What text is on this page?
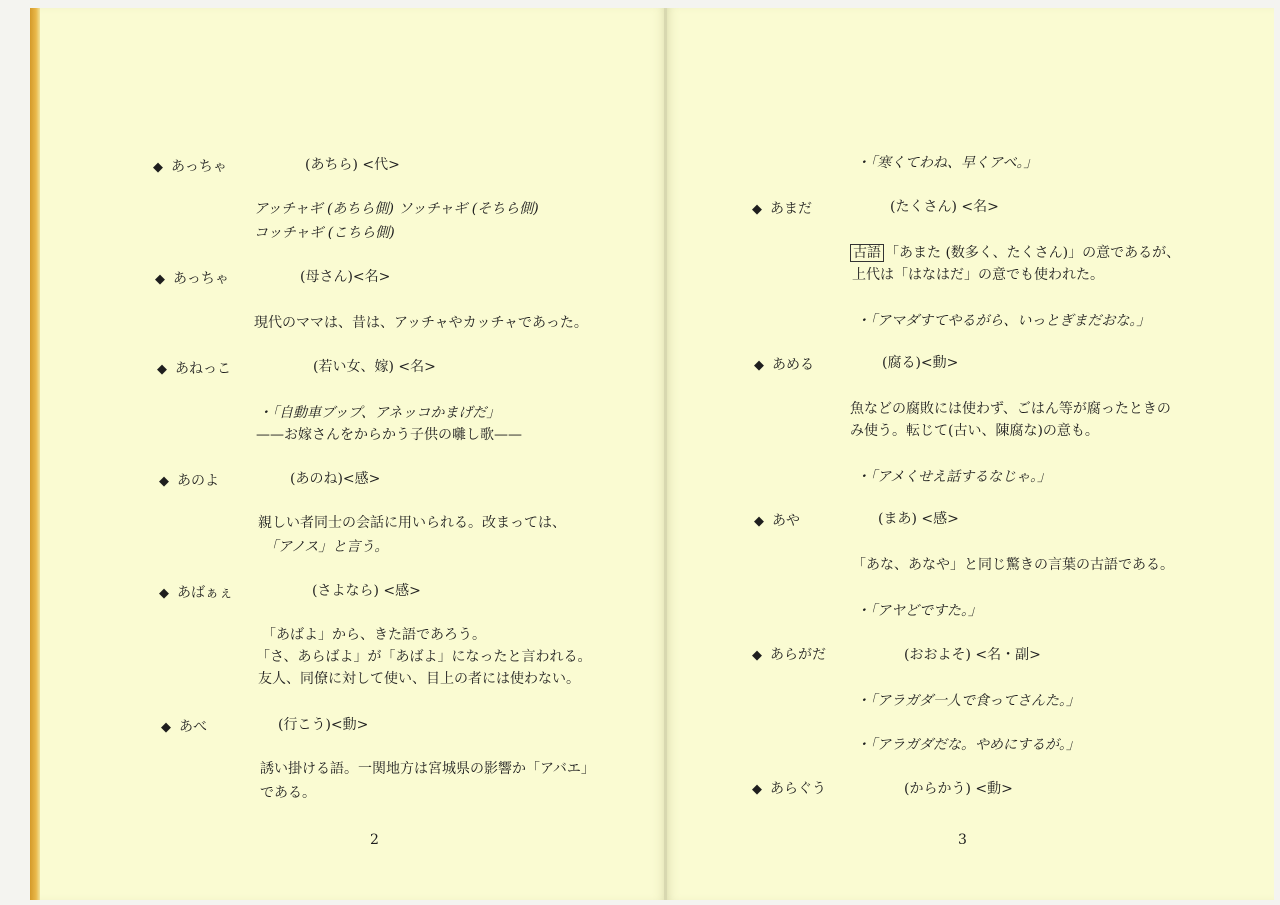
◆ あっちゃ	(あちら) <代>
アッチャギ (あちら側) ソッチャギ (そちら側)
コッチャギ (こちら側)
◆ あっちゃ	(母さん)<名>
現代のママは、昔は、アッチャやカッチャであった。
◆ あねっこ	(若い女、嫁) <名>
・「自動車ブップ、アネッコかまげだ」
——お嫁さんをからかう子供の囃し歌——
◆ あのよ	(あのね)<感>
親しい者同士の会話に用いられる。改まっては、
「アノス」と言う。
◆ あばぁぇ	(さよなら) <感>
「あばよ」から、きた語であろう。
「さ、あらばよ」が「あばよ」になったと言われる。
友人、同僚に対して使い、目上の者には使わない。
◆ あべ	(行こう)<動>
誘い掛ける語。一関地方は宮城県の影響か「アバエ」
である。
2
・「寒くてわね、早くアベ。」
◆ あまだ	(たくさん) <名>
古語 「あまた (数多く、たくさん)」の意であるが、
上代は「はなはだ」の意でも使われた。
・「アマダすてやるがら、いっとぎまだおな。」
◆ あめる	(腐る)<動>
魚などの腐敗には使わず、ごはん等が腐ったときの
み使う。転じて(古い、陳腐な)の意も。
・「アメくせえ話するなじゃ。」
◆ あや	(まあ) <感>
「あな、あなや」と同じ驚きの言葉の古語である。
・「アヤどですた。」
◆ あらがだ	(おおよそ) <名・副>
・「アラガダ一人で食ってさんた。」
・「アラガダだな。やめにするが。」
◆ あらぐう	(からかう) <動>
3
